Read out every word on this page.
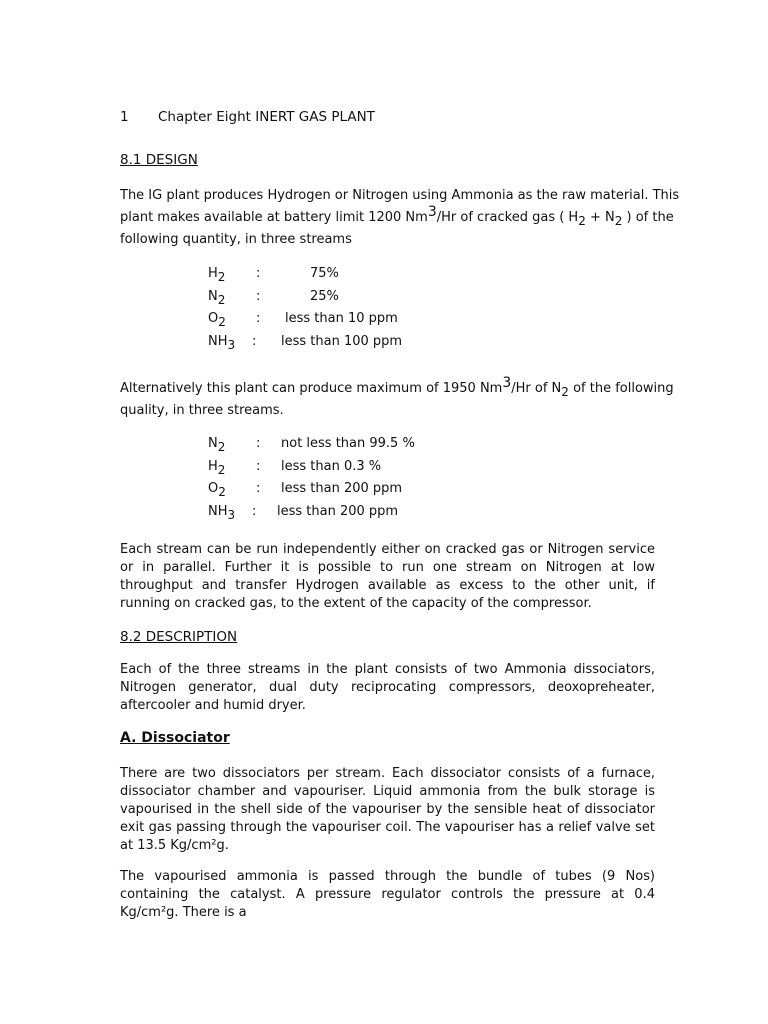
1 Chapter Eight INERT GAS PLANT
8.1 DESIGN
The IG plant produces Hydrogen or Nitrogen using Ammonia as the raw material. This
plant makes available at battery limit 1200 Nm$^3$/Hr of cracked gas ( $H_2 + N_2$ ) of the
following quantity, in three streams
$H_2$ :	75%
$N_2$ :	25%
$O_2$ : less than 10 ppm
$NH_3$ : less than 100 ppm
Alternatively this plant can produce maximum of 1950 Nm$^3$/Hr of $N_2$ of the following
quality, in three streams.
$N_2$ : not less than 99.5 %
$H_2$ : less than 0.3 %
$O_2$ : less than 200 ppm
$NH_3$ : less than 200 ppm
Each stream can be run independently either on cracked gas or Nitrogen service or in parallel. Further it is possible to run one stream on Nitrogen at low throughput and transfer Hydrogen available as excess to the other unit, if running on cracked gas, to the extent of the capacity of the compressor.
8.2 DESCRIPTION
Each of the three streams in the plant consists of two Ammonia dissociators, Nitrogen generator, dual duty reciprocating compressors, deoxopreheater, aftercooler and humid dryer.
A. Dissociator
There are two dissociators per stream. Each dissociator consists of a furnace, dissociator chamber and vapouriser. Liquid ammonia from the bulk storage is vapourised in the shell side of the vapouriser by the sensible heat of dissociator exit gas passing through the vapouriser coil. The vapouriser has a relief valve set at 13.5 Kg/cm²g.
The vapourised ammonia is passed through the bundle of tubes (9 Nos) containing the catalyst. A pressure regulator controls the pressure at 0.4 Kg/cm²g. There is a
